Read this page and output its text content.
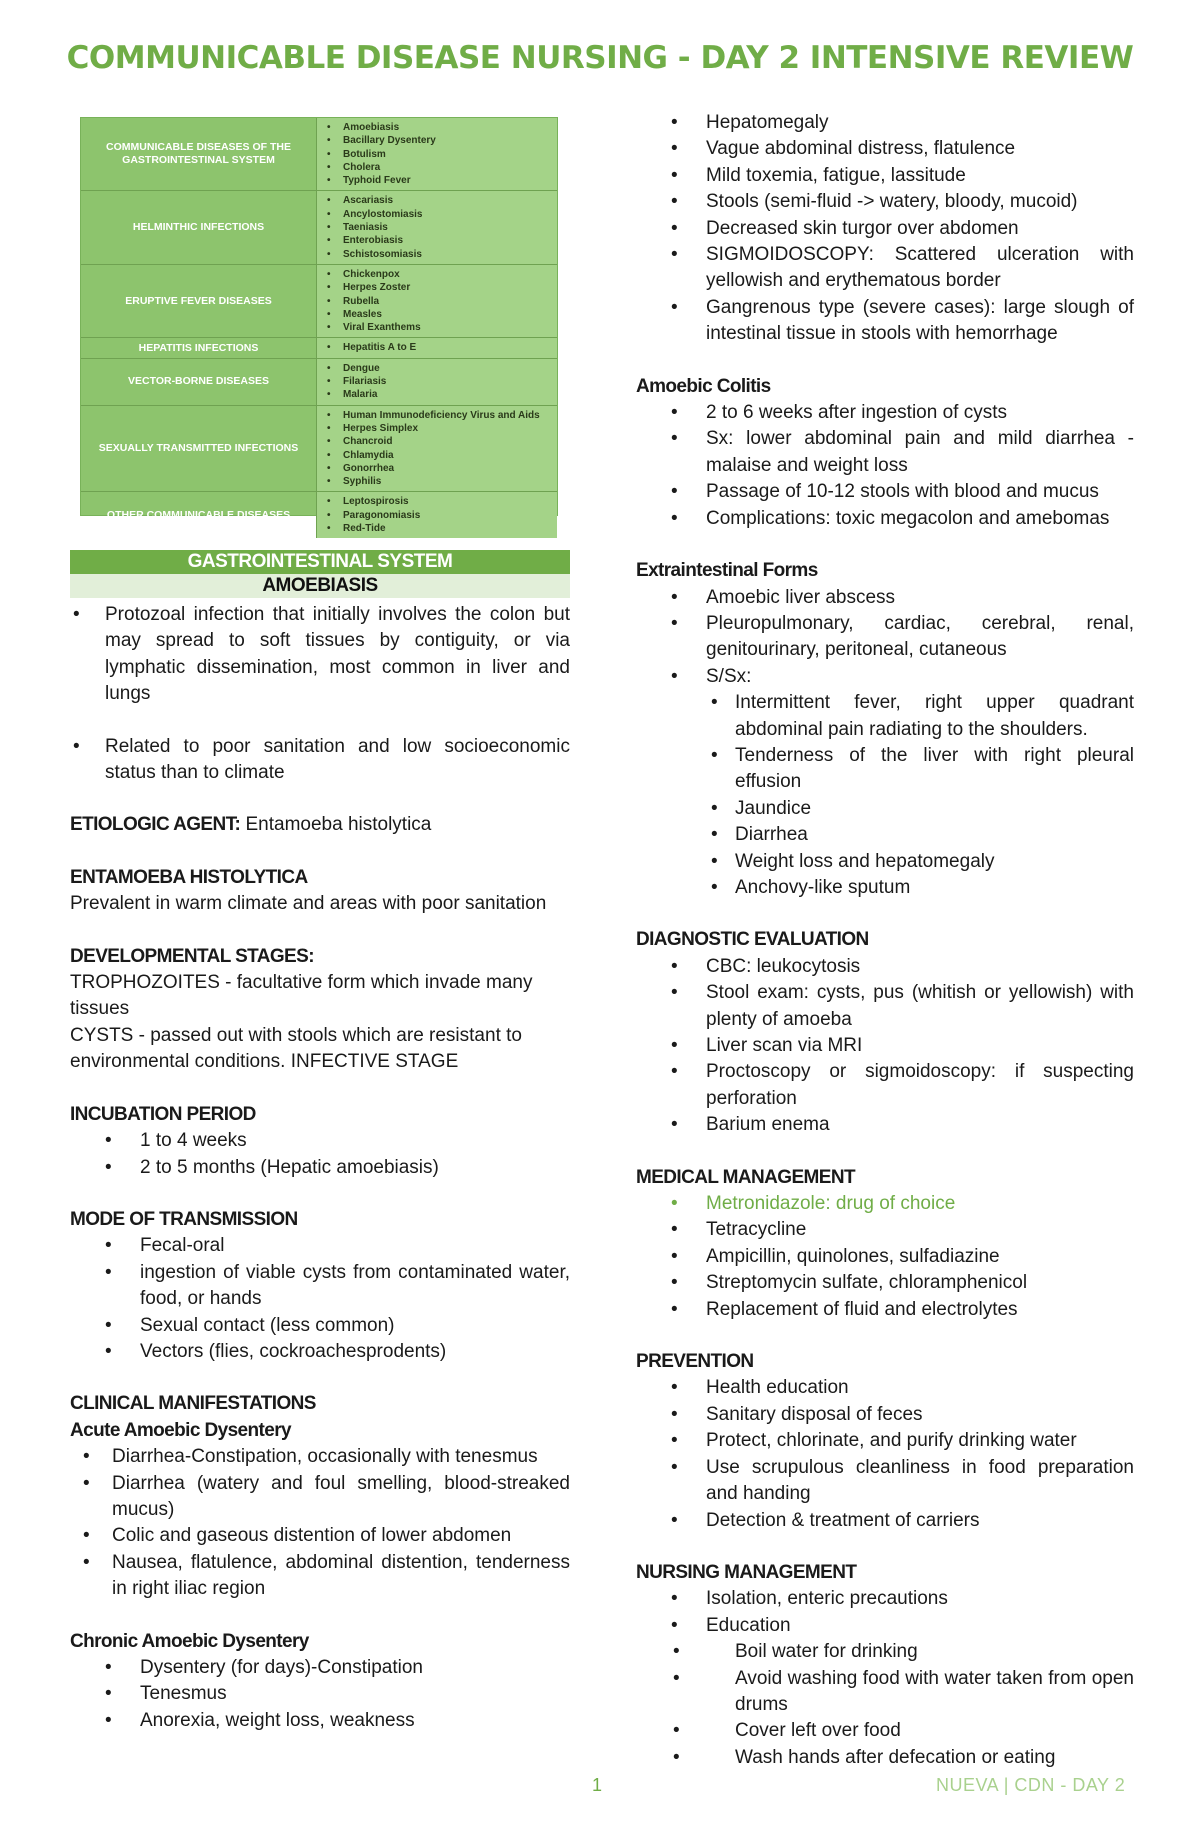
COMMUNICABLE DISEASE NURSING - DAY 2 INTENSIVE REVIEW
COMMUNICABLE DISEASES OF THE GASTROINTESTINAL SYSTEM
• Amoebiasis
• Bacillary Dysentery
• Botulism
• Cholera
• Typhoid Fever
HELMINTHIC INFECTIONS
• Ascariasis
• Ancylostomiasis
• Taeniasis
• Enterobiasis
• Schistosomiasis
ERUPTIVE FEVER DISEASES
• Chickenpox
• Herpes Zoster
• Rubella
• Measles
• Viral Exanthems
HEPATITIS INFECTIONS
•	Hepatitis A to E
VECTOR-BORNE DISEASES
• Dengue
• Filariasis
• Malaria
SEXUALLY TRANSMITTED INFECTIONS
• Human Immunodeficiency Virus and Aids
• Herpes Simplex
• Chancroid
• Chlamydia
• Gonorrhea
• Syphilis
OTHER COMMUNICABLE DISEASES
• Leptospirosis
• Paragonomiasis
• Red-Tide
GASTROINTESTINAL SYSTEM
AMOEBIASIS
• Protozoal infection that initially involves the colon but may spread to soft tissues by contiguity, or via lymphatic dissemination, most common in liver and lungs
• Related to poor sanitation and low socioeconomic status than to climate

ETIOLOGIC AGENT: Entamoeba histolytica

ENTAMOEBA HISTOLYTICA

Prevalent in warm climate and areas with poor sanitation

DEVELOPMENTAL STAGES:

TROPHOZOITES - facultative form which invade many tissues

CYSTS - passed out with stools which are resistant to environmental conditions. INFECTIVE STAGE

INCUBATION PERIOD

• 1 to 4 weeks
• 2 to 5 months (Hepatic amoebiasis)

MODE OF TRANSMISSION

• Fecal-oral
• ingestion of viable cysts from contaminated water, food, or hands
• Sexual contact (less common)
• Vectors (flies, cockroachesprodents)

CLINICAL MANIFESTATIONS

Acute Amoebic Dysentery

• Diarrhea-Constipation, occasionally with tenesmus
• Diarrhea (watery and foul smelling, blood-streaked mucus)
• Colic and gaseous distention of lower abdomen
• Nausea, flatulence, abdominal distention, tenderness in right iliac region

Chronic Amoebic Dysentery

• Dysentery (for days)-Constipation
• Tenesmus
• Anorexia, weight loss, weakness
• Hepatomegaly
• Vague abdominal distress, flatulence
• Mild toxemia, fatigue, lassitude
• Stools (semi-fluid -> watery, bloody, mucoid)
• Decreased skin turgor over abdomen
• SIGMOIDOSCOPY: Scattered ulceration with yellowish and erythematous border
• Gangrenous type (severe cases): large slough of intestinal tissue in stools with hemorrhage

Amoebic Colitis

• 2 to 6 weeks after ingestion of cysts
• Sx: lower abdominal pain and mild diarrhea - malaise and weight loss
• Passage of 10-12 stools with blood and mucus
• Complications: toxic megacolon and amebomas

Extraintestinal Forms

• Amoebic liver abscess
• Pleuropulmonary, cardiac, cerebral, renal, genitourinary, peritoneal, cutaneous
• S/Sx:
• Intermittent fever, right upper quadrant abdominal pain radiating to the shoulders.
• Tenderness of the liver with right pleural effusion
• Jaundice
• Diarrhea
• Weight loss and hepatomegaly
• Anchovy-like sputum

DIAGNOSTIC EVALUATION

• CBC: leukocytosis
• Stool exam: cysts, pus (whitish or yellowish) with plenty of amoeba
• Liver scan via MRI
• Proctoscopy or sigmoidoscopy: if suspecting perforation
• Barium enema

MEDICAL MANAGEMENT

• Metronidazole: drug of choice
• Tetracycline
• Ampicillin, quinolones, sulfadiazine
• Streptomycin sulfate, chloramphenicol
• Replacement of fluid and electrolytes

PREVENTION

• Health education
• Sanitary disposal of feces
• Protect, chlorinate, and purify drinking water
• Use scrupulous cleanliness in food preparation and handing
• Detection & treatment of carriers

NURSING MANAGEMENT

• Isolation, enteric precautions
• Education
• Boil water for drinking
• Avoid washing food with water taken from open drums
• Cover left over food
• Wash hands after defecation or eating
1	NUEVA | CDN - DAY 2
